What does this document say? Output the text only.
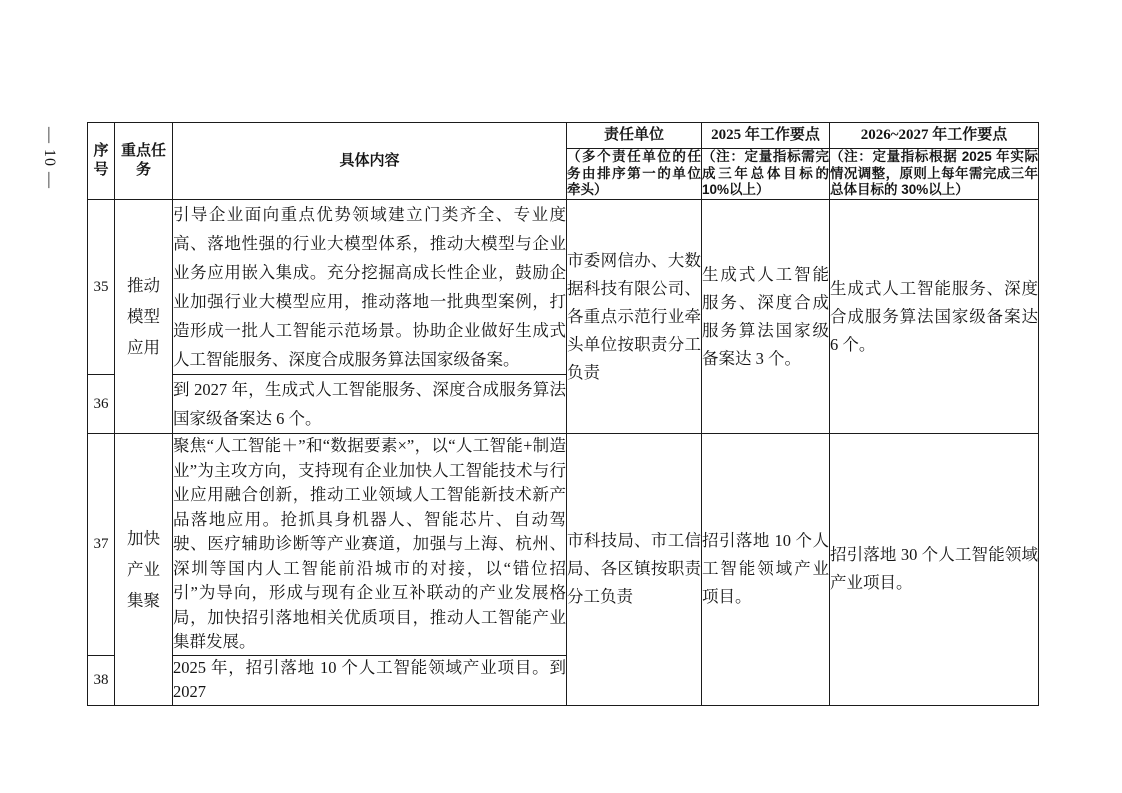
— 10 — 序号	重点任务	具体内容	责任单位	2025 年工作要点	2026~2027 年工作要点
			（多个责任单位的任务由排序第一的单位牵头）	（注：定量指标需完成三年总体目标的 10%以上）	（注：定量指标根据 2025 年实际情况调整，原则上每年需完成三年总体目标的 30%以上）
35	推动模型应用	引导企业面向重点优势领域建立门类齐全、专业度高、落地性强的行业大模型体系，推动大模型与企业业务应用嵌入集成。充分挖掘高成长性企业，鼓励企业加强行业大模型应用，推动落地一批典型案例，打造形成一批人工智能示范场景。协助企业做好生成式人工智能服务、深度合成服务算法国家级备案。	市委网信办、大数据科技有限公司、各重点示范行业牵头单位按职责分工负责	生成式人工智能服务、深度合成服务算法国家级备案达 3 个。	生成式人工智能服务、深度合成服务算法国家级备案达 6 个。
36		到 2027 年，生成式人工智能服务、深度合成服务算法国家级备案达 6 个。			
37	加快产业集聚	聚焦“人工智能＋”和“数据要素×”，以“人工智能+制造业”为主攻方向，支持现有企业加快人工智能技术与行业应用融合创新，推动工业领域人工智能新技术新产品落地应用。抢抓具身机器人、智能芯片、自动驾驶、医疗辅助诊断等产业赛道，加强与上海、杭州、深圳等国内人工智能前沿城市的对接，以“错位招引”为导向，形成与现有企业互补联动的产业发展格局，加快招引落地相关优质项目，推动人工智能产业集群发展。	市科技局、市工信局、各区镇按职责分工负责	招引落地 10 个人工智能领域产业项目。	招引落地 30 个人工智能领域产业项目。
38		2025 年，招引落地 10 个人工智能领域产业项目。到 2027			
